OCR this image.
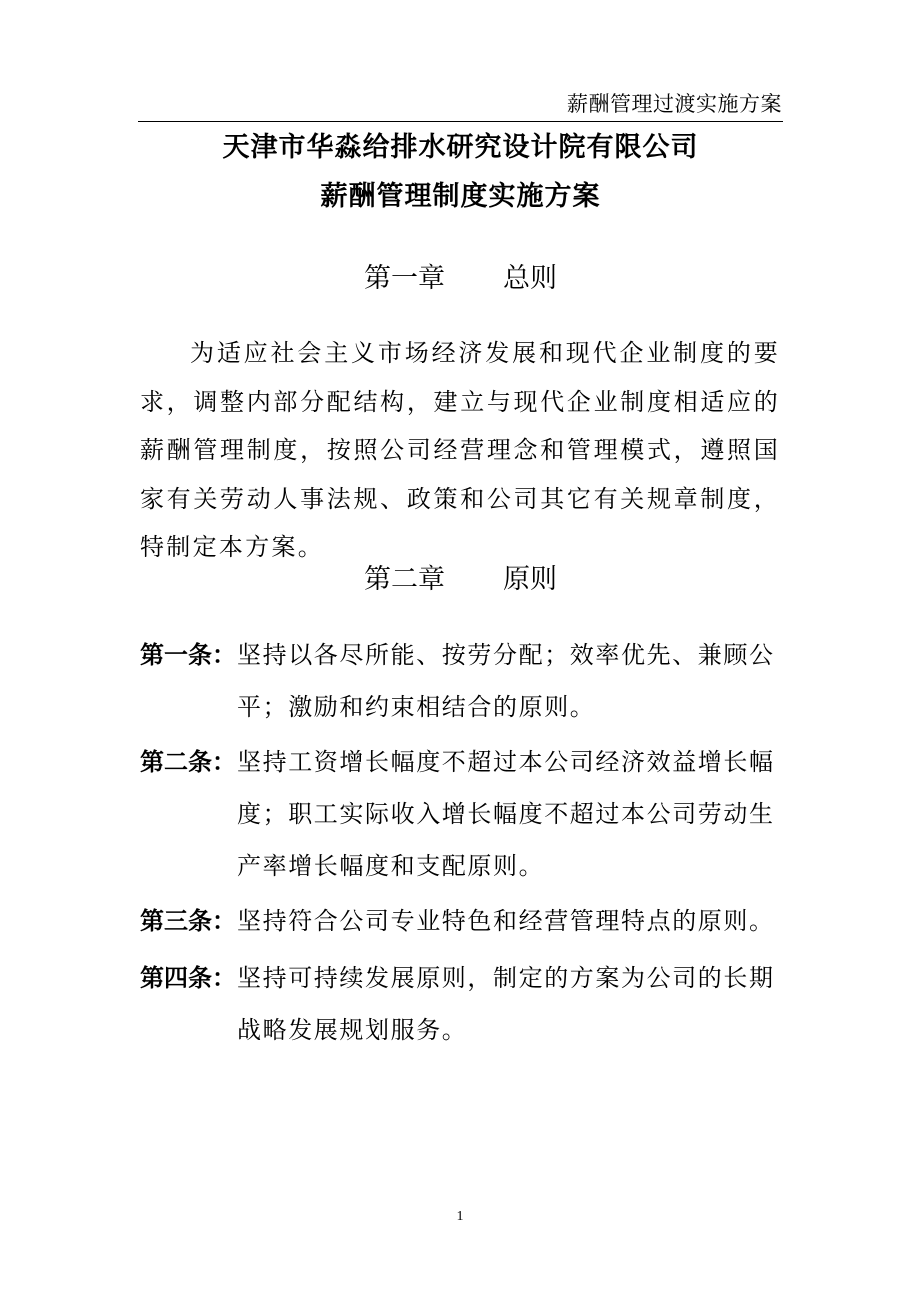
薪酬管理过渡实施方案
天津市华淼给排水研究设计院有限公司
薪酬管理制度实施方案
第一章 总则
为适应社会主义市场经济发展和现代企业制度的要求，调整内部分配结构，建立与现代企业制度相适应的薪酬管理制度，按照公司经营理念和管理模式，遵照国家有关劳动人事法规、政策和公司其它有关规章制度，特制定本方案。
第二章 原则
第一条： 坚持以各尽所能、按劳分配；效率优先、兼顾公平；激励和约束相结合的原则。
第二条： 坚持工资增长幅度不超过本公司经济效益增长幅度；职工实际收入增长幅度不超过本公司劳动生产率增长幅度和支配原则。
第三条： 坚持符合公司专业特色和经营管理特点的原则。
第四条： 坚持可持续发展原则，制定的方案为公司的长期战略发展规划服务。
1
